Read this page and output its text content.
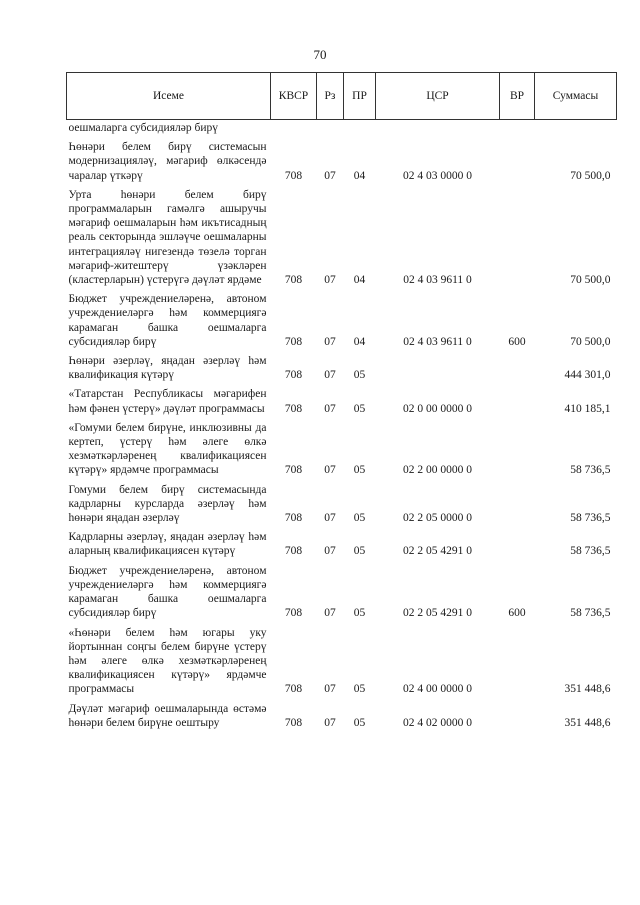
70
Исеме	КВСР	Рз	ПР	ЦСР	ВР	Суммасы
оешмаларга субсидияләр бирү						
Һөнәри белем бирү системасын модернизацияләү, мәгариф өлкәсендә чаралар үткәрү	708	07	04	02 4 03 0000 0		70 500,0
Урта һөнәри белем бирү программаларын гамәлгә ашыручы мәгариф оешмаларын һәм икътисадның реаль секторында эшләүче оешмаларны интеграцияләү нигезендә төзелә торган мәгариф-житештерү үзәкләрен (кластерларын) үстерүгә дәүләт ярдәме	708	07	04	02 4 03 9611 0		70 500,0
Бюджет учреждениеләренә, автоном учреждениеләргә һәм коммерциягә карамаган башка оешмаларга субсидияләр бирү	708	07	04	02 4 03 9611 0	600	70 500,0
Һөнәри әзерләү, яңадан әзерләү һәм квалификация күтәрү	708	07	05			444 301,0
«Татарстан Республикасы мәгарифен һәм фәнен үстерү» дәүләт программасы	708	07	05	02 0 00 0000 0		410 185,1
«Гомуми белем бирүне, инклюзивны да кертеп, үстерү һәм әлеге өлкә хезмәткәрләренең квалификациясен күтәрү» ярдәмче программасы	708	07	05	02 2 00 0000 0		58 736,5
Гомуми белем бирү системасында кадрларны курсларда әзерләү һәм һөнәри яңадан әзерләү	708	07	05	02 2 05 0000 0		58 736,5
Кадрларны әзерләү, яңадан әзерләү һәм аларның квалификациясен күтәрү	708	07	05	02 2 05 4291 0		58 736,5
Бюджет учреждениеләренә, автоном учреждениеләргә һәм коммерциягә карамаган башка оешмаларга субсидияләр бирү	708	07	05	02 2 05 4291 0	600	58 736,5
«Һөнәри белем һәм югары уку йортыннан соңгы белем бирүне үстерү һәм әлеге өлкә хезмәткәрләренең квалификациясен күтәрү» ярдәмче программасы	708	07	05	02 4 00 0000 0		351 448,6
Дәүләт мәгариф оешмаларында өстәмә һөнәри белем бирүне оештыру	708	07	05	02 4 02 0000 0		351 448,6
